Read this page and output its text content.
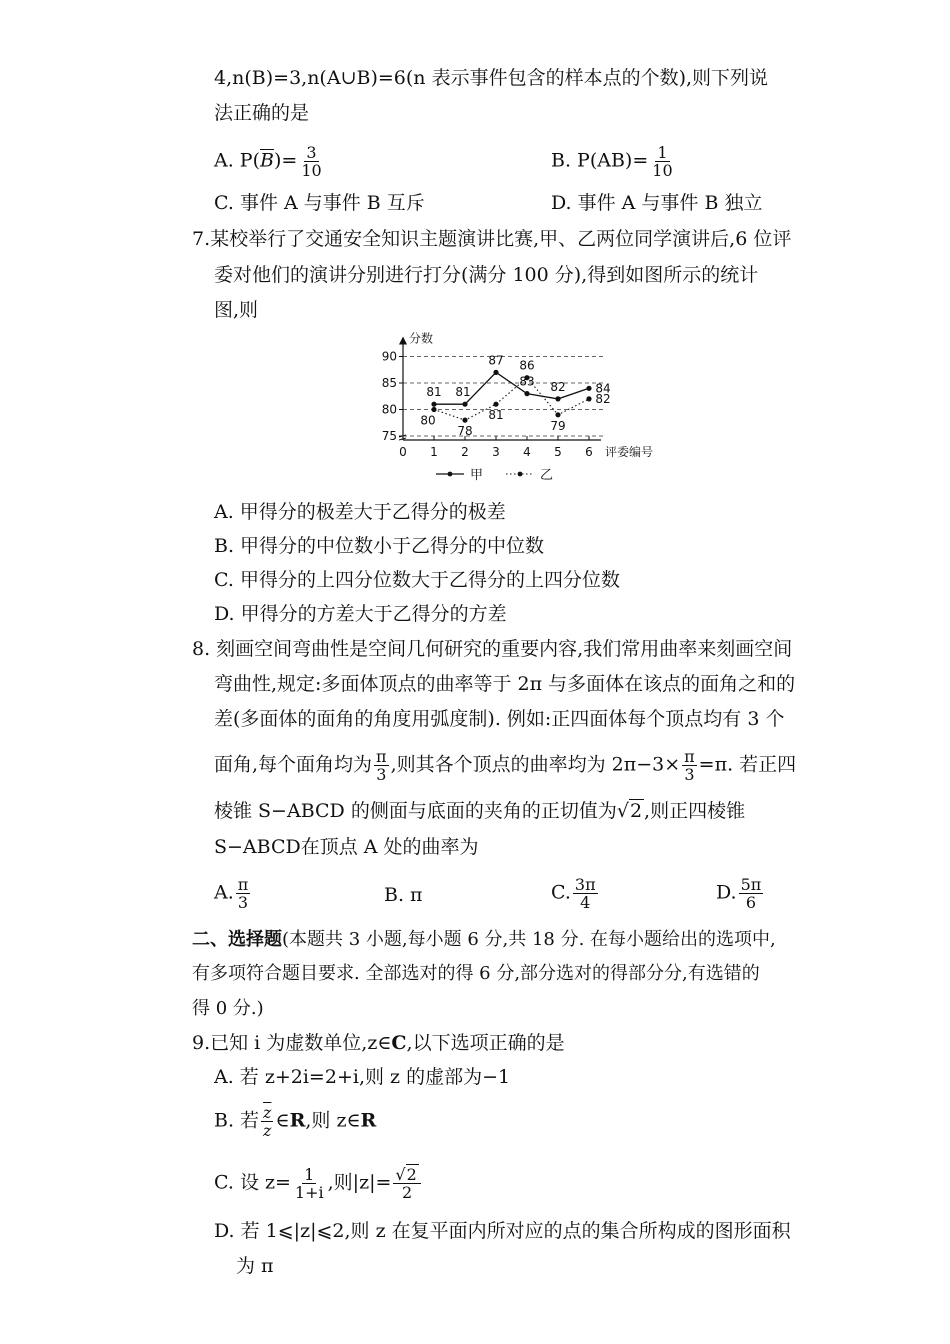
4,n(B)=3,n(A∪B)=6(n 表示事件包含的样本点的个数),则下列说
法正确的是
A. $P(\overline{B})= \frac{3}{10}$	B. $P(AB)= \frac{1}{10}$
C. 事件 A 与事件 B 互斥	D. 事件 A 与事件 B 独立
7.某校举行了交通安全知识主题演讲比赛,甲、乙两位同学演讲后,6 位评
委对他们的演讲分别进行打分(满分 100 分),得到如图所示的统计
图,则
75
80
85
90
分数
0 1 2 3 4 5 6 评委编号
81 81
87
83 82 84
80
78
81
86
79
82
甲	乙
A. 甲得分的极差大于乙得分的极差
B. 甲得分的中位数小于乙得分的中位数
C. 甲得分的上四分位数大于乙得分的上四分位数
D. 甲得分的方差大于乙得分的方差
8. 刻画空间弯曲性是空间几何研究的重要内容,我们常用曲率来刻画空间
弯曲性,规定:多面体顶点的曲率等于 2π 与多面体在该点的面角之和的
差(多面体的面角的角度用弧度制). 例如:正四面体每个顶点均有 3 个
面角,每个面角均为 $\frac{\pi}{3}$ ,则其各个顶点的曲率均为 $2\pi-3\times \frac{\pi}{3} =\pi$. 若正四
棱锥 S−ABCD 的侧面与底面的夹角的正切值为√2 ,则正四棱锥
S−ABCD在顶点 A 处的曲率为
A. $\frac{\pi}{3}$	B. π	C. $\frac{3\pi}{4}$	D. $\frac{5\pi}{6}$
二、选择题(本题共 3 小题,每小题 6 分,共 18 分. 在每小题给出的选项中,
有多项符合题目要求. 全部选对的得 6 分,部分选对的得部分分,有选错的
得 0 分.)
9.已知 i 为虚数单位,z∈C,以下选项正确的是
A. 若 z+2i=2+i,则 z 的虚部为−1
B. 若 $\frac{\overline{z}}{z}$ ∈R,则 z∈R
C. 设 $z= \frac{1}{1+i}$ ,则$|z|= \frac{√2}{2}$
D. 若 1⩽|z|⩽2,则 z 在复平面内所对应的点的集合所构成的图形面积
为 π
